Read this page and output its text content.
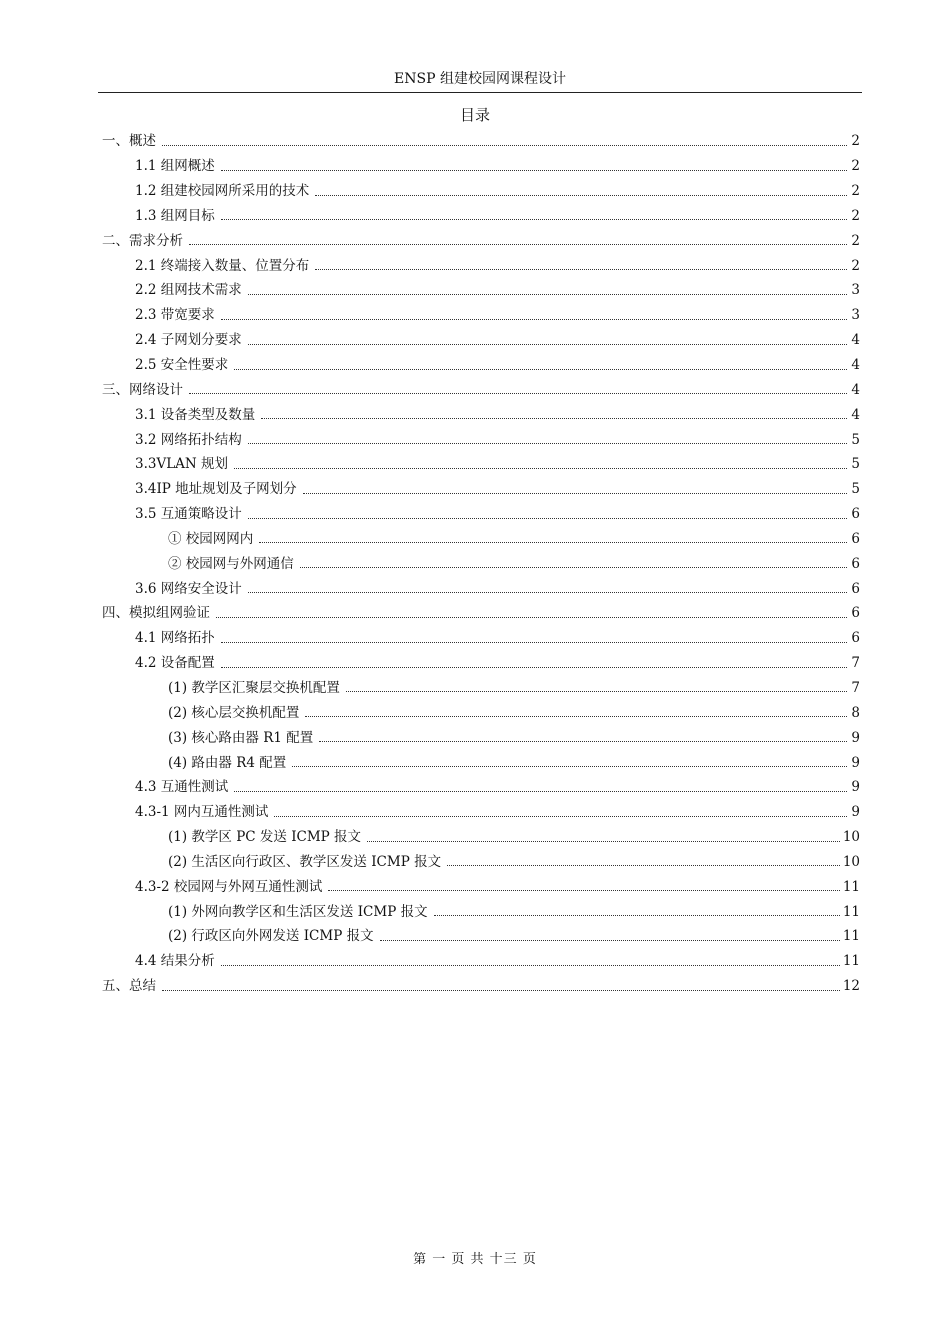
ENSP 组建校园网课程设计
目录
一、概述	2
1.1 组网概述	2
1.2 组建校园网所采用的技术	2
1.3 组网目标	2
二、需求分析	2
2.1 终端接入数量、位置分布	2
2.2 组网技术需求	3
2.3 带宽要求	3
2.4 子网划分要求	4
2.5 安全性要求	4
三、网络设计	4
3.1 设备类型及数量	4
3.2 网络拓扑结构	5
3.3VLAN 规划	5
3.4IP 地址规划及子网划分	5
3.5 互通策略设计	6
① 校园网网内	6
② 校园网与外网通信	6
3.6 网络安全设计	6
四、模拟组网验证	6
4.1 网络拓扑	6
4.2 设备配置	7
(1) 教学区汇聚层交换机配置	7
(2) 核心层交换机配置	8
(3) 核心路由器 R1 配置	9
(4) 路由器 R4 配置	9
4.3 互通性测试	9
4.3-1 网内互通性测试	9
(1) 教学区 PC 发送 ICMP 报文	10
(2) 生活区向行政区、教学区发送 ICMP 报文	10
4.3-2 校园网与外网互通性测试	11
(1) 外网向教学区和生活区发送 ICMP 报文	11
(2) 行政区向外网发送 ICMP 报文	11
4.4 结果分析	11
五、总结	12
第 一 页 共 十三 页
